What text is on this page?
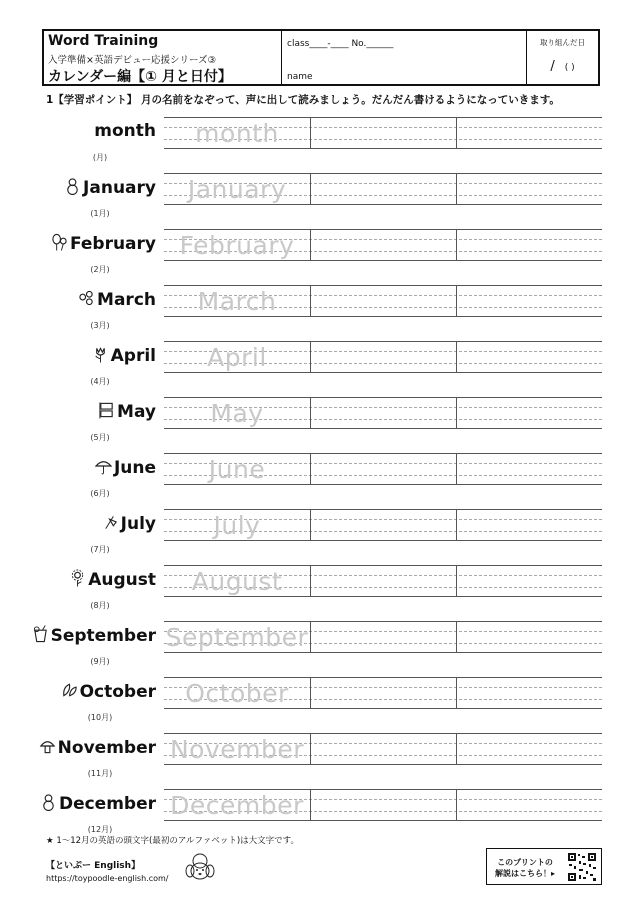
Word Training
入学準備×英語デビュー応援シリーズ③
カレンダー編【① 月と日付】
class____-____ No.______
name
取り組んだ日
/ ( )
1【学習ポイント】 月の名前をなぞって、声に出して読みましょう。だんだん書けるようになっていきます。
month
(月)
month
January
(1月)
January
February
(2月)
February
March
(3月)
March
April
(4月)
April
May
(5月)
May
June
(6月)
June
July
(7月)
July
August
(8月)
August
September
(9月)
September
October
(10月)
October
November
(11月)
November
December
(12月)
December
★ 1〜12月の英語の頭文字(最初のアルファベット)は大文字です。
【といぷー English】
https://toypoodle-english.com/
このプリントの
解説はこちら！▸
